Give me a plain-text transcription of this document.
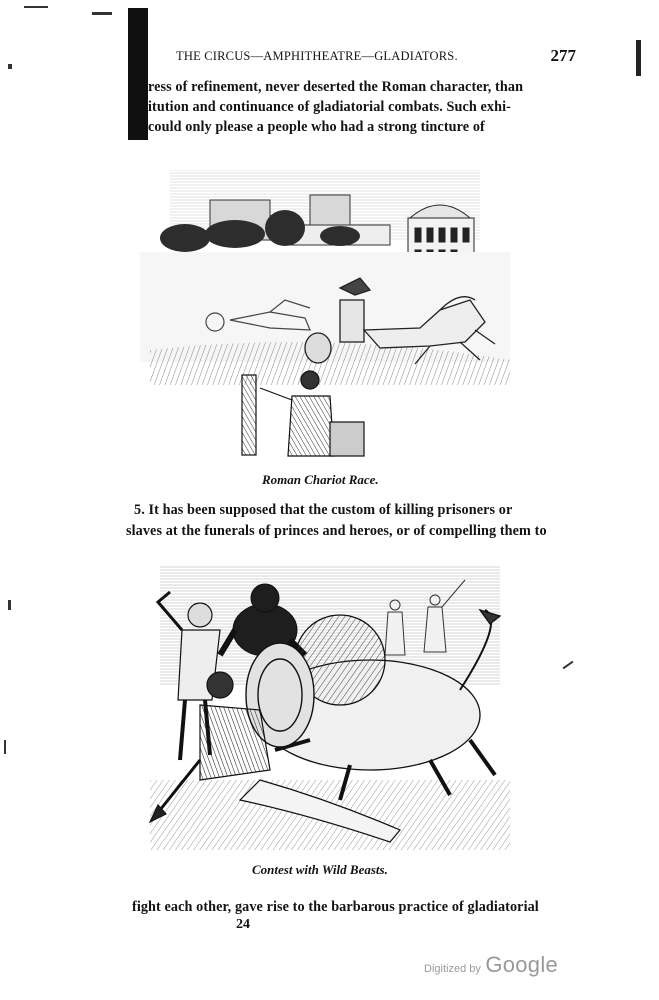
THE CIRCUS—AMPHITHEATRE—GLADIATORS.	277
ress of refinement, never deserted the Roman character, than
itution and continuance of gladiatorial combats. Such exhi-
could only please a people who had a strong tincture of
Roman Chariot Race.
5. It has been supposed that the custom of killing prisoners or
slaves at the funerals of princes and heroes, or of compelling them to
Contest with Wild Beasts.
fight each other, gave rise to the barbarous practice of gladiatorial
24
Digitized by Google
